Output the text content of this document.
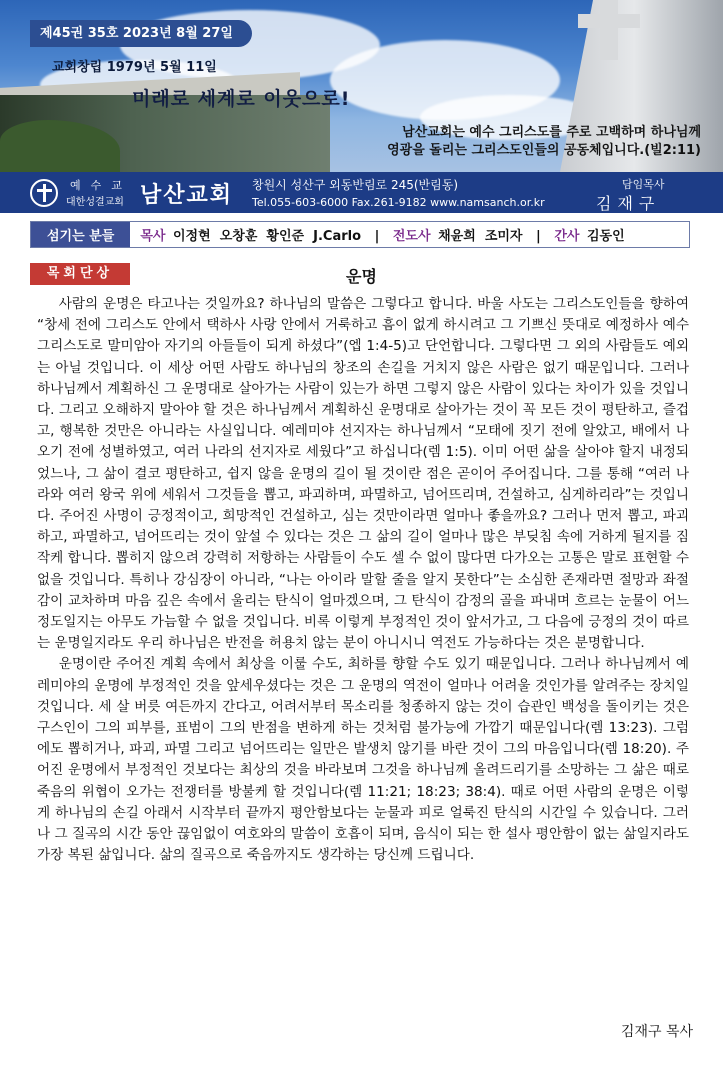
제45권 35호 2023년 8월 27일
교회창립 1979년 5월 11일
미래로 세계로 이웃으로!
남산교회는 예수 그리스도를 주로 고백하며 하나님께
영광을 돌리는 그리스도인들의 공동체입니다.(빌2:11)
예수교
대한성결교회 남산교회 창원시 성산구 외동반림로 245(반림동)
Tel.055-603-6000 Fax.261-9182 www.namsanch.or.kr
담임목사
김재구
섬기는 분들	목사 이정현  오창훈  황인준  J.Carlo | 전도사 채윤희  조미자 | 간사 김동인
목회단상	운명

사람의 운명은 타고나는 것일까요? 하나님의 말씀은 그렇다고 합니다. 바울 사도는 그리스도인들을 향하여 “창세 전에 그리스도 안에서 택하사 사랑 안에서 거룩하고 흠이 없게 하시려고 그 기쁘신 뜻대로 예정하사 예수 그리스도로 말미암아 자기의 아들들이 되게 하셨다”(엡 1:4-5)고 단언합니다. 그렇다면 그 외의 사람들도 예외는 아닐 것입니다. 이 세상 어떤 사람도 하나님의 창조의 손길을 거치지 않은 사람은 없기 때문입니다. 그러나 하나님께서 계획하신 그 운명대로 살아가는 사람이 있는가 하면 그렇지 않은 사람이 있다는 차이가 있을 것입니다. 그리고 오해하지 말아야 할 것은 하나님께서 계획하신 운명대로 살아가는 것이 꼭 모든 것이 평탄하고, 즐겁고, 행복한 것만은 아니라는 사실입니다. 예레미야 선지자는 하나님께서 “모태에 짓기 전에 알았고, 배에서 나오기 전에 성별하였고, 여러 나라의 선지자로 세웠다”고 하십니다(렘 1:5). 이미 어떤 삶을 살아야 할지 내정되었느나, 그 삶이 결코 평탄하고, 쉽지 않을 운명의 길이 될 것이란 점은 곧이어 주어집니다. 그를 통해 “여러 나라와 여러 왕국 위에 세워서 그것들을 뽑고, 파괴하며, 파멸하고, 넘어뜨리며, 건설하고, 심게하리라”는 것입니다. 주어진 사명이 긍정적이고, 희망적인 건설하고, 심는 것만이라면 얼마나 좋을까요? 그러나 먼저 뽑고, 파괴하고, 파멸하고, 넘어뜨리는 것이 앞설 수 있다는 것은 그 삶의 길이 얼마나 많은 부딪침 속에 거하게 될지를 짐작케 합니다. 뽑히지 않으려 강력히 저항하는 사람들이 수도 셀 수 없이 많다면 다가오는 고통은 말로 표현할 수 없을 것입니다. 특히나 강심장이 아니라, “나는 아이라 말할 줄을 알지 못한다”는 소심한 존재라면 절망과 좌절감이 교차하며 마음 깊은 속에서 울리는 탄식이 얼마겠으며, 그 탄식이 감정의 골을 파내며 흐르는 눈물이 어느 정도일지는 아무도 가늠할 수 없을 것입니다. 비록 이렇게 부정적인 것이 앞서가고, 그 다음에 긍정의 것이 따르는 운명일지라도 우리 하나님은 반전을 허용치 않는 분이 아니시니 역전도 가능하다는 것은 분명합니다.

운명이란 주어진 계획 속에서 최상을 이룰 수도, 최하를 향할 수도 있기 때문입니다. 그러나 하나님께서 예레미야의 운명에 부정적인 것을 앞세우셨다는 것은 그 운명의 역전이 얼마나 어려울 것인가를 알려주는 장치일 것입니다. 세 살 버릇 여든까지 간다고, 어려서부터 목소리를 청종하지 않는 것이 습관인 백성을 돌이키는 것은 구스인이 그의 피부를, 표범이 그의 반점을 변하게 하는 것처럼 불가능에 가깝기 때문입니다(렘 13:23). 그럼에도 뽑히거나, 파괴, 파멸 그리고 넘어뜨리는 일만은 발생치 않기를 바란 것이 그의 마음입니다(렘 18:20). 주어진 운명에서 부정적인 것보다는 최상의 것을 바라보며 그것을 하나님께 올려드리기를 소망하는 그 삶은 때로 죽음의 위협이 오가는 전쟁터를 방불케 할 것입니다(렘 11:21; 18:23; 38:4). 때로 어떤 사람의 운명은 이렇게 하나님의 손길 아래서 시작부터 끝까지 평안함보다는 눈물과 피로 얼룩진 탄식의 시간일 수 있습니다. 그러나 그 질곡의 시간 동안 끊임없이 여호와의 말씀이 호흡이 되며, 음식이 되는 한 설사 평안함이 없는 삶일지라도 가장 복된 삶입니다. 삶의 질곡으로 죽음까지도 생각하는 당신께 드립니다.

김재구 목사
